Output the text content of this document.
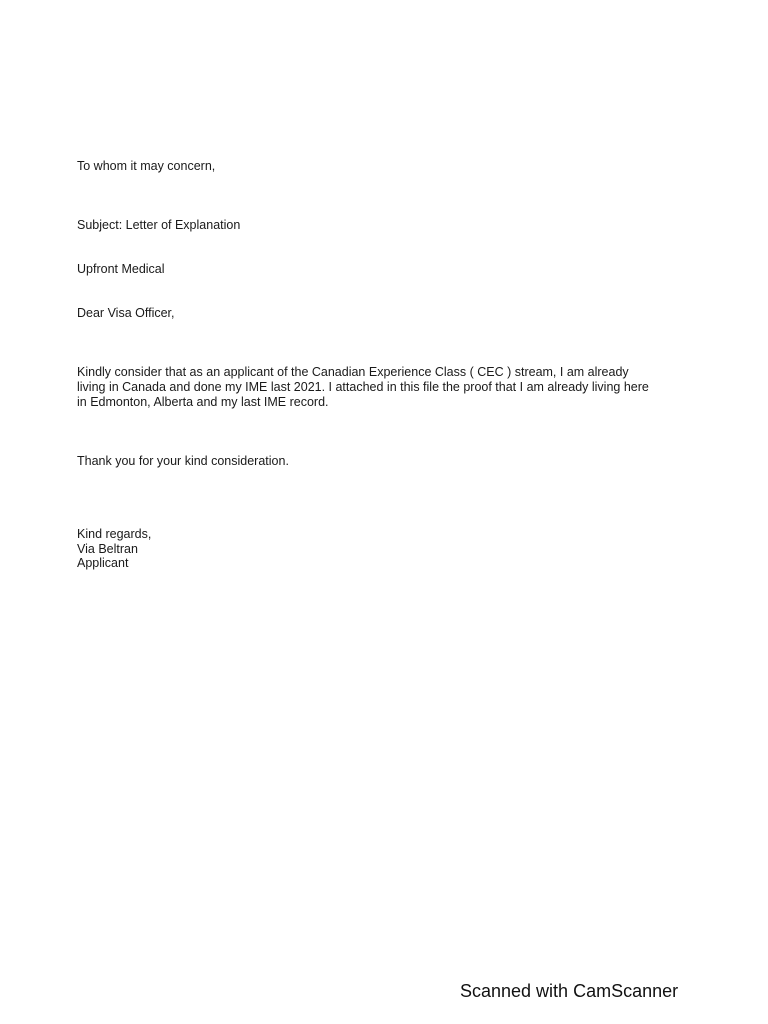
To whom it may concern,
Subject: Letter of Explanation
Upfront Medical
Dear Visa Officer,
Kindly consider that as an applicant of the Canadian Experience Class ( CEC ) stream, I am already
living in Canada and done my IME last 2021. I attached in this file the proof that I am already living here
in Edmonton, Alberta and my last IME record.
Thank you for your kind consideration.
Kind regards,
Via Beltran
Applicant
Scanned with CamScanner
